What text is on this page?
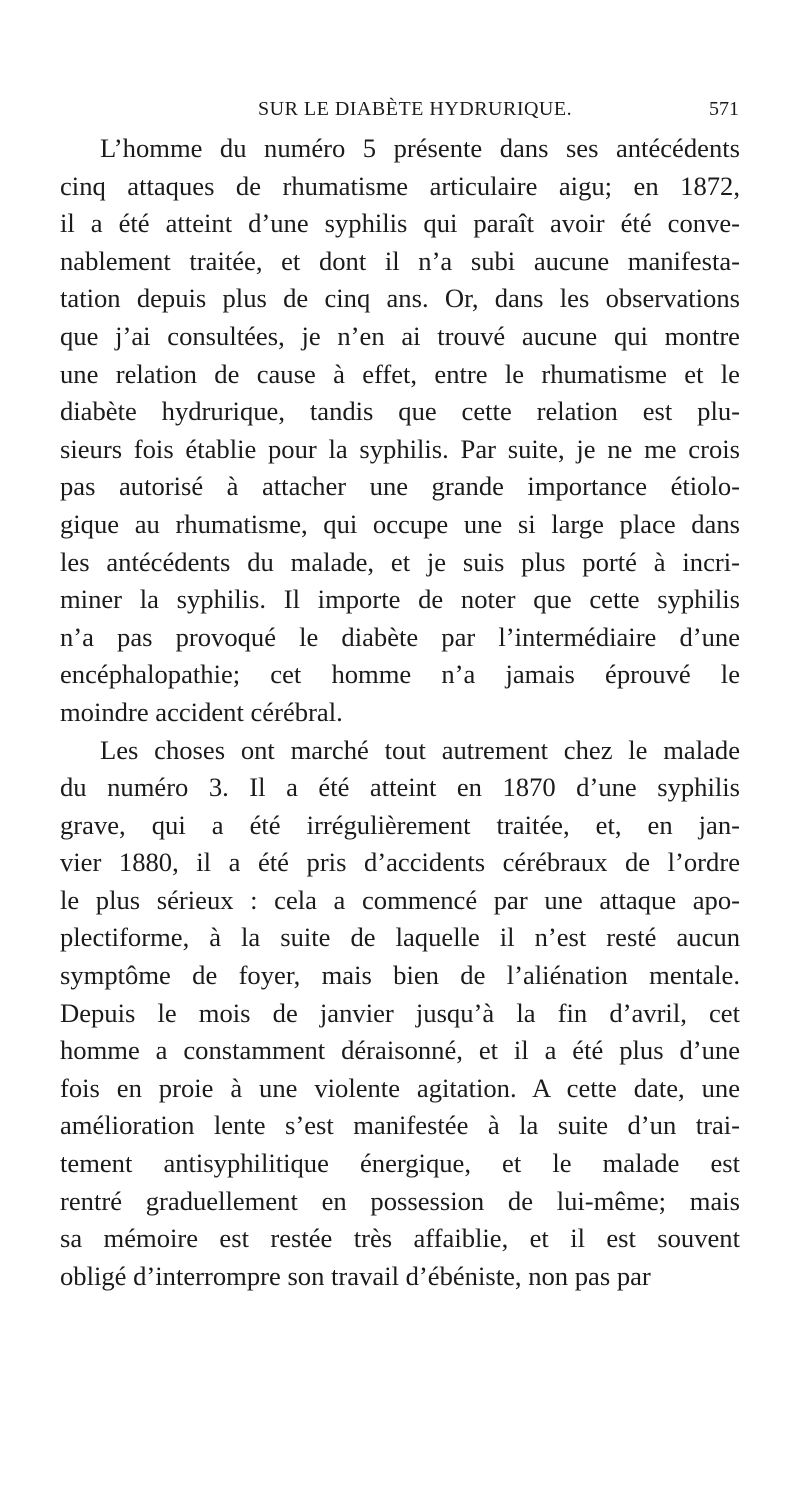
SUR LE DIABÈTE HYDRURIQUE.	571
L’homme du numéro 5 présente dans ses antécédents
cinq attaques de rhumatisme articulaire aigu; en 1872,
il a été atteint d’une syphilis qui paraît avoir été conve-
nablement traitée, et dont il n’a subi aucune manifesta-
tation depuis plus de cinq ans. Or, dans les observations
que j’ai consultées, je n’en ai trouvé aucune qui montre
une relation de cause à effet, entre le rhumatisme et le
diabète hydrurique, tandis que cette relation est plu-
sieurs fois établie pour la syphilis. Par suite, je ne me crois
pas autorisé à attacher une grande importance étiolo-
gique au rhumatisme, qui occupe une si large place dans
les antécédents du malade, et je suis plus porté à incri-
miner la syphilis. Il importe de noter que cette syphilis
n’a pas provoqué le diabète par l’intermédiaire d’une
encéphalopathie; cet homme n’a jamais éprouvé le
moindre accident cérébral.
Les choses ont marché tout autrement chez le malade
du numéro 3. Il a été atteint en 1870 d’une syphilis
grave, qui a été irrégulièrement traitée, et, en jan-
vier 1880, il a été pris d’accidents cérébraux de l’ordre
le plus sérieux : cela a commencé par une attaque apo-
plectiforme, à la suite de laquelle il n’est resté aucun
symptôme de foyer, mais bien de l’aliénation mentale.
Depuis le mois de janvier jusqu’à la fin d’avril, cet
homme a constamment déraisonné, et il a été plus d’une
fois en proie à une violente agitation. A cette date, une
amélioration lente s’est manifestée à la suite d’un trai-
tement antisyphilitique énergique, et le malade est
rentré graduellement en possession de lui-même; mais
sa mémoire est restée très affaiblie, et il est souvent
obligé d’interrompre son travail d’ébéniste, non pas par
